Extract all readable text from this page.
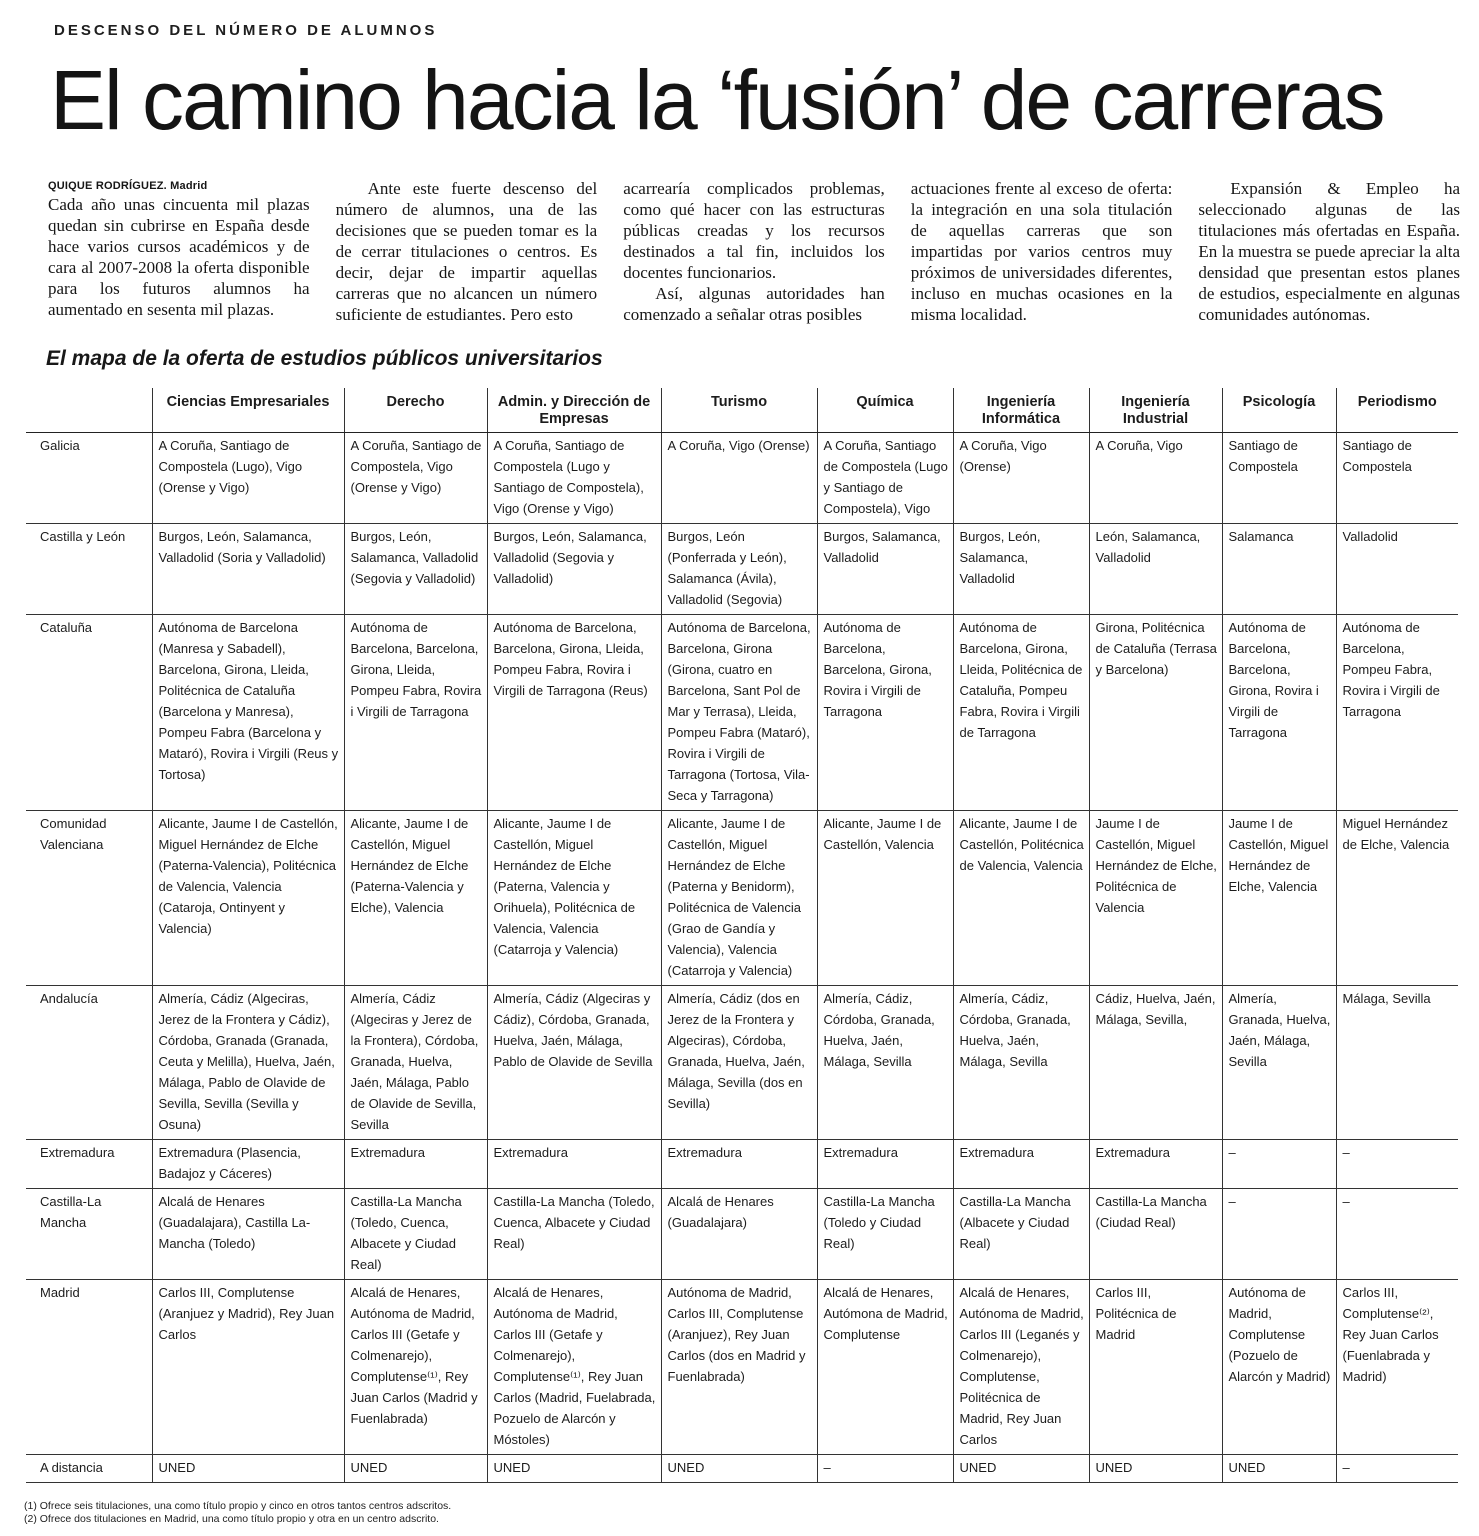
DESCENSO DEL NÚMERO DE ALUMNOS
El camino hacia la ‘fusión’ de carreras
QUIQUE RODRÍGUEZ. Madrid

Cada año unas cincuenta mil plazas quedan sin cubrirse en España desde hace varios cursos académicos y de cara al 2007-2008 la oferta disponible para los futuros alumnos ha aumentado en sesenta mil plazas.

Ante este fuerte descenso del número de alumnos, una de las decisiones que se pueden tomar es la de cerrar titulaciones o centros. Es decir, dejar de impartir aquellas carreras que no alcancen un número suficiente de estudiantes. Pero esto

acarrearía complicados problemas, como qué hacer con las estructuras públicas creadas y los recursos destinados a tal fin, incluidos los docentes funcionarios.

Así, algunas autoridades han comenzado a señalar otras posibles

actuaciones frente al exceso de oferta: la integración en una sola titulación de aquellas carreras que son impartidas por varios centros muy próximos de universidades diferentes, incluso en muchas ocasiones en la misma localidad.

Expansión & Empleo ha seleccionado algunas de las titulaciones más ofertadas en España. En la muestra se puede apreciar la alta densidad que presentan estos planes de estudios, especialmente en algunas comunidades autónomas.

El mapa de la oferta de estudios públicos universitarios
	Ciencias Empresariales	Derecho	Admin. y Dirección de Empresas	Turismo	Química	Ingeniería Informática	Ingeniería Industrial	Psicología	Periodismo
Galicia	A Coruña, Santiago de Compostela (Lugo), Vigo (Orense y Vigo)	A Coruña, Santiago de Compostela, Vigo (Orense y Vigo)	A Coruña, Santiago de Compostela (Lugo y Santiago de Compostela), Vigo (Orense y Vigo)	A Coruña, Vigo (Orense)	A Coruña, Santiago de Compostela (Lugo y Santiago de Compostela), Vigo	A Coruña, Vigo (Orense)	A Coruña, Vigo	Santiago de Compostela	Santiago de Compostela
Castilla y León	Burgos, León, Salamanca, Valladolid (Soria y Valladolid)	Burgos, León, Salamanca, Valladolid (Segovia y Valladolid)	Burgos, León, Salamanca, Valladolid (Segovia y Valladolid)	Burgos, León (Ponferrada y León), Salamanca (Ávila), Valladolid (Segovia)	Burgos, Salamanca, Valladolid	Burgos, León, Salamanca, Valladolid	León, Salamanca, Valladolid	Salamanca	Valladolid
Cataluña	Autónoma de Barcelona (Manresa y Sabadell), Barcelona, Girona, Lleida, Politécnica de Cataluña (Barcelona y Manresa), Pompeu Fabra (Barcelona y Mataró), Rovira i Virgili (Reus y Tortosa)	Autónoma de Barcelona, Barcelona, Girona, Lleida, Pompeu Fabra, Rovira i Virgili de Tarragona	Autónoma de Barcelona, Barcelona, Girona, Lleida, Pompeu Fabra, Rovira i Virgili de Tarragona (Reus)	Autónoma de Barcelona, Barcelona, Girona (Girona, cuatro en Barcelona, Sant Pol de Mar y Terrasa), Lleida, Pompeu Fabra (Mataró), Rovira i Virgili de Tarragona (Tortosa, Vila-Seca y Tarragona)	Autónoma de Barcelona, Barcelona, Girona, Rovira i Virgili de Tarragona	Autónoma de Barcelona, Girona, Lleida, Politécnica de Cataluña, Pompeu Fabra, Rovira i Virgili de Tarragona	Girona, Politécnica de Cataluña (Terrasa y Barcelona)	Autónoma de Barcelona, Barcelona, Girona, Rovira i Virgili de Tarragona	Autónoma de Barcelona, Pompeu Fabra, Rovira i Virgili de Tarragona
Comunidad Valenciana	Alicante, Jaume I de Castellón, Miguel Hernández de Elche (Paterna-Valencia), Politécnica de Valencia, Valencia (Cataroja, Ontinyent y Valencia)	Alicante, Jaume I de Castellón, Miguel Hernández de Elche (Paterna-Valencia y Elche), Valencia	Alicante, Jaume I de Castellón, Miguel Hernández de Elche (Paterna, Valencia y Orihuela), Politécnica de Valencia, Valencia (Catarroja y Valencia)	Alicante, Jaume I de Castellón, Miguel Hernández de Elche (Paterna y Benidorm), Politécnica de Valencia (Grao de Gandía y Valencia), Valencia (Catarroja y Valencia)	Alicante, Jaume I de Castellón, Valencia	Alicante, Jaume I de Castellón, Politécnica de Valencia, Valencia	Jaume I de Castellón, Miguel Hernández de Elche, Politécnica de Valencia	Jaume I de Castellón, Miguel Hernández de Elche, Valencia	Miguel Hernández de Elche, Valencia
Andalucía	Almería, Cádiz (Algeciras, Jerez de la Frontera y Cádiz), Córdoba, Granada (Granada, Ceuta y Melilla), Huelva, Jaén, Málaga, Pablo de Olavide de Sevilla, Sevilla (Sevilla y Osuna)	Almería, Cádiz (Algeciras y Jerez de la Frontera), Córdoba, Granada, Huelva, Jaén, Málaga, Pablo de Olavide de Sevilla, Sevilla	Almería, Cádiz (Algeciras y Cádiz), Córdoba, Granada, Huelva, Jaén, Málaga, Pablo de Olavide de Sevilla	Almería, Cádiz (dos en Jerez de la Frontera y Algeciras), Córdoba, Granada, Huelva, Jaén, Málaga, Sevilla (dos en Sevilla)	Almería, Cádiz, Córdoba, Granada, Huelva, Jaén, Málaga, Sevilla	Almería, Cádiz, Córdoba, Granada, Huelva, Jaén, Málaga, Sevilla	Cádiz, Huelva, Jaén, Málaga, Sevilla,	Almería, Granada, Huelva, Jaén, Málaga, Sevilla	Málaga, Sevilla
Extremadura	Extremadura (Plasencia, Badajoz y Cáceres)	Extremadura	Extremadura	Extremadura	Extremadura	Extremadura	Extremadura	–	–
Castilla-La Mancha	Alcalá de Henares (Guadalajara), Castilla La-Mancha (Toledo)	Castilla-La Mancha (Toledo, Cuenca, Albacete y Ciudad Real)	Castilla-La Mancha (Toledo, Cuenca, Albacete y Ciudad Real)	Alcalá de Henares (Guadalajara)	Castilla-La Mancha (Toledo y Ciudad Real)	Castilla-La Mancha (Albacete y Ciudad Real)	Castilla-La Mancha (Ciudad Real)	–	–
Madrid	Carlos III, Complutense (Aranjuez y Madrid), Rey Juan Carlos	Alcalá de Henares, Autónoma de Madrid, Carlos III (Getafe y Colmenarejo), Complutense⁽¹⁾, Rey Juan Carlos (Madrid y Fuenlabrada)	Alcalá de Henares, Autónoma de Madrid, Carlos III (Getafe y Colmenarejo), Complutense⁽¹⁾, Rey Juan Carlos (Madrid, Fuelabrada, Pozuelo de Alarcón y Móstoles)	Autónoma de Madrid, Carlos III, Complutense (Aranjuez), Rey Juan Carlos (dos en Madrid y Fuenlabrada)	Alcalá de Henares, Autómona de Madrid, Complutense	Alcalá de Henares, Autónoma de Madrid, Carlos III (Leganés y Colmenarejo), Complutense, Politécnica de Madrid, Rey Juan Carlos	Carlos III, Politécnica de Madrid	Autónoma de Madrid, Complutense (Pozuelo de Alarcón y Madrid)	Carlos III, Complutense⁽²⁾, Rey Juan Carlos (Fuenlabrada y Madrid)
A distancia	UNED	UNED	UNED	UNED	–	UNED	UNED	UNED	–
(1) Ofrece seis titulaciones, una como título propio y cinco en otros tantos centros adscritos.
(2) Ofrece dos titulaciones en Madrid, una como título propio y otra en un centro adscrito.
